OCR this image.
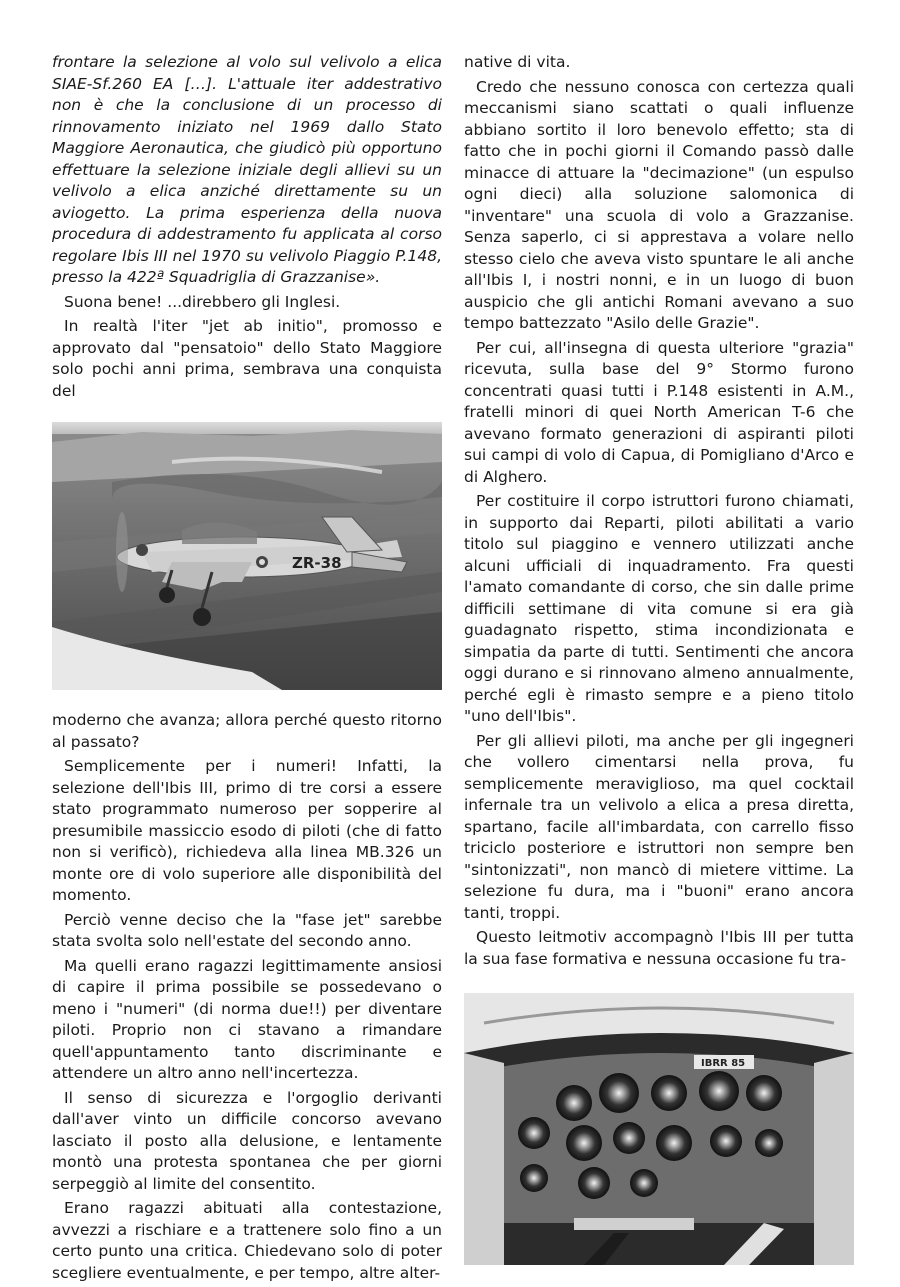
frontare la selezione al volo sul velivolo a elica SIAE-Sf.260 EA […]. L'attuale iter addestrativo non è che la conclusione di un processo di rinnovamento iniziato nel 1969 dallo Stato Maggiore Aeronautica, che giudicò più opportuno effettuare la selezione iniziale degli allievi su un velivolo a elica anziché direttamente su un aviogetto. La prima esperienza della nuova procedura di addestramento fu applicata al corso regolare Ibis III nel 1970 su velivolo Piaggio P.148, presso la 422ª Squadriglia di Grazzanise».

Suona bene! ...direbbero gli Inglesi.

In realtà l'iter "jet ab initio", promosso e approvato dal "pensatoio" dello Stato Maggiore solo pochi anni prima, sembrava una conquista del

ZR-38

moderno che avanza; allora perché questo ritorno al passato?

Semplicemente per i numeri! Infatti, la selezione dell'Ibis III, primo di tre corsi a essere stato programmato numeroso per sopperire al presumibile massiccio esodo di piloti (che di fatto non si verificò), richiedeva alla linea MB.326 un monte ore di volo superiore alle disponibilità del momento.

Perciò venne deciso che la "fase jet" sarebbe stata svolta solo nell'estate del secondo anno.

Ma quelli erano ragazzi legittimamente ansiosi di capire il prima possibile se possedevano o meno i "numeri" (di norma due!!) per diventare piloti. Proprio non ci stavano a rimandare quell'appuntamento tanto discriminante e attendere un altro anno nell'incertezza.

Il senso di sicurezza e l'orgoglio derivanti dall'aver vinto un difficile concorso avevano lasciato il posto alla delusione, e lentamente montò una protesta spontanea che per giorni serpeggiò al limite del consentito.

Erano ragazzi abituati alla contestazione, avvezzi a rischiare e a trattenere solo fino a un certo punto una critica. Chiedevano solo di poter scegliere eventualmente, e per tempo, altre alter-

native di vita.

Credo che nessuno conosca con certezza quali meccanismi siano scattati o quali influenze abbiano sortito il loro benevolo effetto; sta di fatto che in pochi giorni il Comando passò dalle minacce di attuare la "decimazione" (un espulso ogni dieci) alla soluzione salomonica di "inventare" una scuola di volo a Grazzanise. Senza saperlo, ci si apprestava a volare nello stesso cielo che aveva visto spuntare le ali anche all'Ibis I, i nostri nonni, e in un luogo di buon auspicio che gli antichi Romani avevano a suo tempo battezzato "Asilo delle Grazie".

Per cui, all'insegna di questa ulteriore "grazia" ricevuta, sulla base del 9° Stormo furono concentrati quasi tutti i P.148 esistenti in A.M., fratelli minori di quei North American T-6 che avevano formato generazioni di aspiranti piloti sui campi di volo di Capua, di Pomigliano d'Arco e di Alghero.

Per costituire il corpo istruttori furono chiamati, in supporto dai Reparti, piloti abilitati a vario titolo sul piaggino e vennero utilizzati anche alcuni ufficiali di inquadramento. Fra questi l'amato comandante di corso, che sin dalle prime difficili settimane di vita comune si era già guadagnato rispetto, stima incondizionata e simpatia da parte di tutti. Sentimenti che ancora oggi durano e si rinnovano almeno annualmente, perché egli è rimasto sempre e a pieno titolo "uno dell'Ibis".

Per gli allievi piloti, ma anche per gli ingegneri che vollero cimentarsi nella prova, fu semplicemente meraviglioso, ma quel cocktail infernale tra un velivolo a elica a presa diretta, spartano, facile all'imbardata, con carrello fisso triciclo posteriore e istruttori non sempre ben "sintonizzati", non mancò di mietere vittime. La selezione fu dura, ma i "buoni" erano ancora tanti, troppi.

Questo leitmotiv accompagnò l'Ibis III per tutta la sua fase formativa e nessuna occasione fu tra-

IBRR 85
